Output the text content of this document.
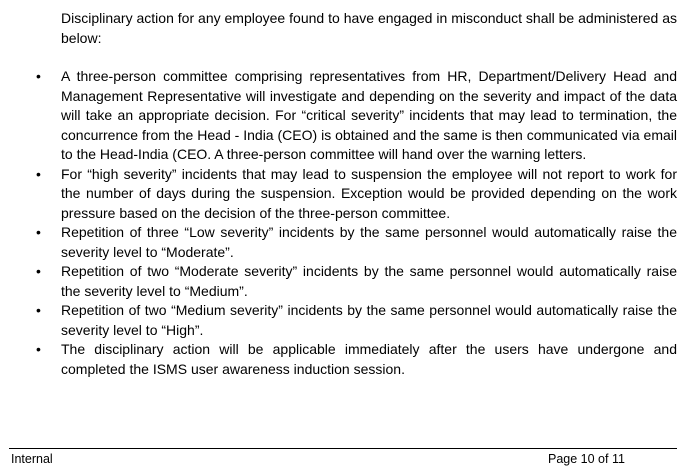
Disciplinary action for any employee found to have engaged in misconduct shall be administered as below:

• A three-person committee comprising representatives from HR, Department/Delivery Head and Management Representative will investigate and depending on the severity and impact of the data will take an appropriate decision. For “critical severity” incidents that may lead to termination, the concurrence from the Head - India (CEO) is obtained and the same is then communicated via email to the Head-India (CEO. A three-person committee will hand over the warning letters.
• For “high severity” incidents that may lead to suspension the employee will not report to work for the number of days during the suspension. Exception would be provided depending on the work pressure based on the decision of the three-person committee.
• Repetition of three “Low severity” incidents by the same personnel would automatically raise the severity level to “Moderate”.
• Repetition of two “Moderate severity” incidents by the same personnel would automatically raise the severity level to “Medium”.
• Repetition of two “Medium severity” incidents by the same personnel would automatically raise the severity level to “High”.
• The disciplinary action will be applicable immediately after the users have undergone and completed the ISMS user awareness induction session.
Internal	Page 10 of 11
